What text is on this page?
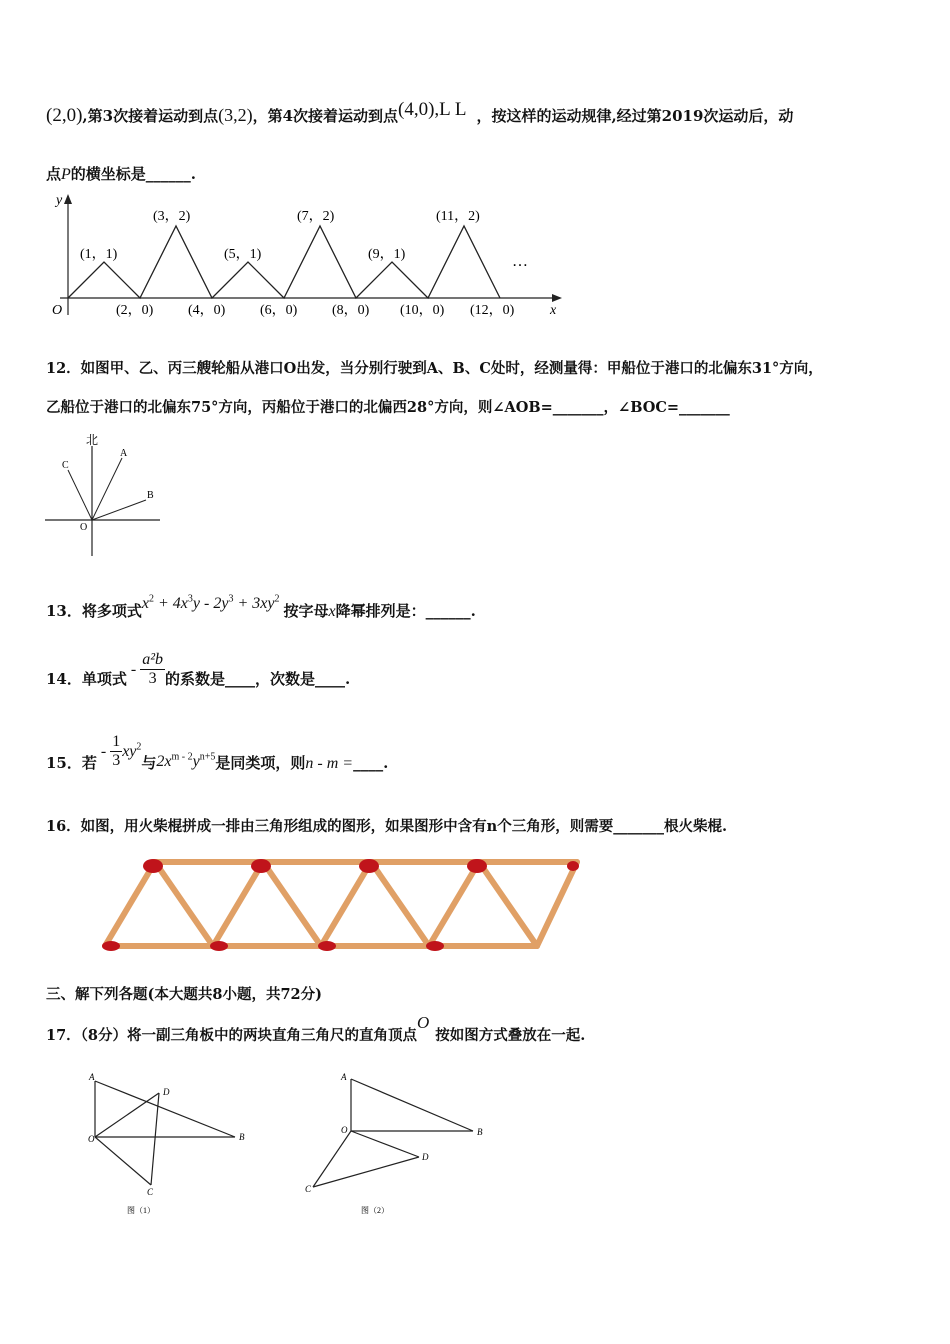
(2,0),第3次接着运动到点(3,2)，第4次接着运动到点(4,0),L L ，按这样的运动规律,经过第2019次运动后，动
点P的横坐标是______.
y
x
O
(3，2)	(7，2)	(11，2)
(1，1)	(5，1)	(9，1)	…
(2，0) (4，0) (6，0) (8，0) (10，0) (12，0)
12．如图甲、乙、丙三艘轮船从港口O出发，当分别行驶到A、B、C处时，经测量得：甲船位于港口的北偏东31°方向，
乙船位于港口的北偏东75°方向，丙船位于港口的北偏西28°方向，则∠AOB=_______，∠BOC=_______
北
C
A
B
O
13．将多项式$x^2 + 4x^3y - 2y^3 + 3xy^2$按字母x降幂排列是：______.
14．单项式- $\frac{\text{a²b}}{3}$ 的系数是____，次数是____.
15．若- $\frac{1}{3} xy^2$与$2x^{m - 2}y^{n+5}$是同类项，则n - m =____.
16．如图，用火柴棍拼成一排由三角形组成的图形，如果图形中含有n个三角形，则需要_______根火柴棍.
三、解下列各题(本大题共8小题，共72分)
17．（8分）将一副三角板中的两块直角三角尺的直角顶点O按如图方式叠放在一起.
A
D
O	B
C
图（1）
A
O	B
D
C
图（2）
